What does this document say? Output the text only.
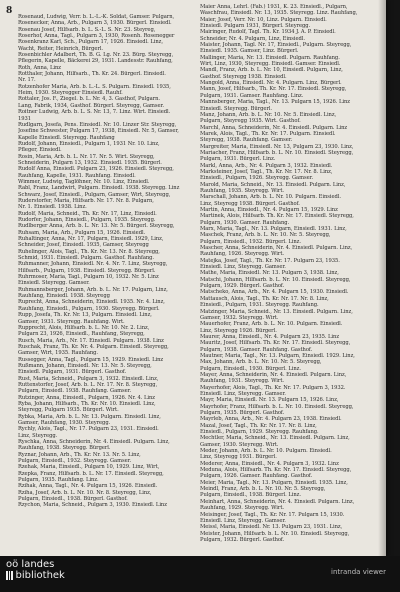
8
Rosenaud, Ludwig, Verr. b. L.-L.-K. Soldat, Gamser. Pulgarn,
Rosenecker, Anna, Arb., Pulgarn 3, 1930. Bürgerl. Einsiedl.
Rosenau Josef, Hilfsarb. b. L. S.-L. S. Nr. 23. Steyreg,
Roserhof, Anna, Tagl., Pulgarn 3, 1930, Rosenh. Rosenegger
Rosenkranz Karl, Sch., Pulgarn 17, 1926. Einsiedl. Linz,
Wacht, Reiter, Heinrich, Bürgerl.
Rosenbichler Adalbert, Th. B. G. Lg. Nr. 23. Bürg. Steyregg,
Pflegerin, Kapelle, Bäckerei 29, 1931. Landesstr. Rauhfang,
Roth, Anna, Linz
Rotthaler, Johann, Hilfsarb., Th. Kr. 24. Bürgerl. Einsiedl.
Nr. 17.
Rotzenhofer Maria, Arb. b. L.-L. S. Pulgarn. Einsiedl. 1935,
Heim, 1930. Steyregger Einsiedl. Rauhf.
Rottaler, Jos. F., Ziegel. b. L. Nr. 4, 3. Gasthof, Pulgarn.
Lang, Fabrik, 1934, Gasthof. Bürgerl. Steyregg, Gamser.
Roitner Ludwig, Arb. b. L. S. Nr. 13, 7. Linz. Wirt. Einsiedl.
1931
Rudlgarn, Josefa, Pens. Einsiedl. Nr. 10. Linzer Str. Steyregg,
Josefine Schwester, Pulgarn 17, 1938, Einsiedl. Nr. 5, Gamser,
Kapelle Einsiedl. Steyregg. Rauhfang
Rudolf, Johann, Einsiedl., Pulgarn 1, 1931 Nr. 10. Linz,
Pfleger, Einsiedl.
Rosin, Maria, Arb. b. L. Nr. 17. Nr. 5. Wirt. Steyregg,
Schneiderin, Pulgarn 13, 1932. Einsiedl. 1935. Bürgerl.
Rudolf Anna, Einsiedl. Pulgarn 23, 1926. Einsiedl. Steyregg,
Rauhfang, Kapelle, 1931. Rauhfang. Einsiedl.
Wimmer, Ludwig, Taglöhner, Nr. 10. Linz, Einsiedl.
Rabl, Franz, Landwirt, Pulgarn. Einsiedl. 1938. Steyregg. Linz
Schwarz, Josef, Einsiedl., Pulgarn, Gamser, Wirt, Steyregg,
Ruderstorfer, Maria, Hilfsarb. Nr. 17. Nr. 8. Pulgarn,
Nr. 1. Einsiedl. 1938. Linz.
Rudolf, Maria, Schneid., Th. Kr. Nr. 17, Linz, Einsiedl.
Rudorfer, Johann, Einsiedl., Pulgarn, 1935. Steyregg.
Rudlberger Anna, Arb. b. L. Nr. 13. Nr. 5. Bürgerl. Steyregg,
Ruhsam, Maria, Arb., Pulgarn 15, 1926. Einsiedl.
Ruhaltinger, Anna, Nr. 17, Pulgarn, Einsiedl. 1929, Linz,
Schneider, Josef, Einsiedl. 1935, Gamser, Steyregg
Ruhelinger, Alois, Tagl., Th. Kr. Nr. 13. Nr. 8. Steyregg,
Schmid, 1931. Einsiedl. Pulgarn. Gasthof. Rauhfang.
Ruhmanner, Johann, Einsiedl. Nr. 4. Nr. 7. Linz, Steyregg,
Hilfsarb., Pulgarn, 1938. Einsiedl. Steyregg. Bürgerl.
Ruhrmoser, Maria, Tagl., Pulgarn 10, 1932. Nr. 5. Linz
Einsiedl. Steyregg. Gamser.
Ruhmannsberger, Johann, Arb. b. L. Nr. 17. Pulgarn, Linz,
Rauhfang, Einsiedl. 1938. Steyregg
Ruprecht, Anna, Schneiderin, Einsiedl. 1935. Nr. 4. Linz,
Rauhfang, Einsiedl., Pulgarn, 1930. Steyregg. Bürgerl.
Rupp, Josefa, Th. Kr. Nr. 13, Pulgarn. Einsiedl. Linz,
Gamser, 1931. Steyregg. Rauhfang. Wirt.
Rupprecht, Alois, Hilfsarb. b. L. Nr. 10. Nr. 2. Linz,
Pulgarn 23, 1926, Einsiedl., Rauhfang, Steyregg,
Rusch, Maria, Arb., Nr. 17. Einsiedl. Pulgarn. 1938. Linz
Ruschak, Franz, Th. Kr. Nr. 4. Pulgarn. Einsiedl. Steyregg,
Gamser, Wirt, 1935. Rauhfang.
Russegger, Anna, Tagl., Pulgarn 15, 1929. Einsiedl. Linz
Rußmann, Johann, Einsiedl. Nr. 13. Nr. 5. Steyregg,
Einsiedl. Pulgarn, 1931. Bürgerl. Gasthof.
Rust, Maria, Schneid., Pulgarn 3, 1932. Einsiedl. Linz,
Ruttenstorfer, Josef, Arb. b. L. Nr. 17. Nr. 8. Steyregg,
Pulgarn, Einsiedl. 1938. Rauhfang. Gamser.
Rutzinger, Anna, Einsiedl., Pulgarn, 1926. Nr. 4. Linz
Ryba, Johann, Hilfsarb., Th. Kr. Nr. 10. Einsiedl. Linz,
Steyregg, Pulgarn 1935. Bürgerl. Wirt.
Rybka, Maria, Arb. b. L. Nr. 13. Pulgarn. Einsiedl. Linz,
Gamser, Rauhfang, 1930. Steyregg.
Rychly, Alois, Tagl., Nr. 17. Pulgarn 23, 1931. Einsiedl.
Linz, Steyregg.
Ryschka, Anna, Schneiderin, Nr. 4. Einsiedl. Pulgarn. Linz,
Rauhfang, 1938. Steyregg. Bürgerl.
Ryznar, Johann, Arb., Th. Kr. Nr. 13. Nr. 5. Linz,
Pulgarn, Einsiedl., 1932. Steyregg. Gamser.
Rzehak, Maria, Einsiedl., Pulgarn 10, 1929. Linz, Wirt,
Rzepka, Franz, Hilfsarb. b. L. Nr. 17. Einsiedl. Steyregg,
Pulgarn, 1935. Rauhfang. Linz.
Rzihak, Anna, Tagl., Nr. 4. Pulgarn 15, 1926. Einsiedl.
Rziha, Josef, Arb. b. L. Nr. 10. Nr. 8. Steyregg, Linz,
Pulgarn, Einsiedl., 1938. Bürgerl. Gasthof.
Rzychon, Maria, Schneid., Pulgarn 3, 1930. Einsiedl. Linz
Maier Anna, Lehrl. (Fab.) 1931, K. 23. Einsiedl., Pulgarn,
Waschfrau, Einsiedl. Nr. 13, 1935. Steyregg. Linz. Rauhfang,
Maier, Josef, Verr. Nr. 10, Linz. Pulgarn. Einsiedl.
Einsiedl. Pulgarn 1931, Bürgerl. Steyregg.
Mairinger, Rudolf, Tagl. Th. Kr. 1934 J. A. P. Einsiedl.
Schneider, Nr. 4. Pulgarn, Linz, Einsiedl.
Maister, Johann, Tagl. Nr. 17, Einsiedl., Pulgarn. Steyregg,
Einsiedl. 1935. Gamser, Linz. Bürgerl.
Mallinger, Maria, Nr. 13. Einsiedl. Pulgarn. Rauhfang.
Wirt, Linz, 1930, Steyregg. Einsiedl. Gamser. Einsiedl.
Mandl, Franz, Arb. b. L. Nr. 10, Einsiedl. Pulgarn, Linz,
Gasthof. Steyregg 1938. Einsiedl.
Mangold, Anna, Einsiedl. Nr. 4. Pulgarn. Linz, Bürgerl.
Mann, Josef, Hilfsarb., Th. Kr. Nr. 17. Einsiedl. Steyregg,
Pulgarn, 1931. Gamser. Rauhfang. Linz.
Mannsberger, Maria, Tagl., Nr. 13. Pulgarn 15, 1926. Linz
Einsiedl. Steyregg. Bürgerl.
Manz, Johann, Arb. b. L. Nr. 10. Nr. 5. Einsiedl. Linz,
Pulgarn, Steyregg 1935. Wirt. Gasthof.
Marchl, Anna, Schneiderin, Nr. 4. Einsiedl. Pulgarn. Linz
Marek, Alois, Tagl., Th. Kr. Nr. 17. Pulgarn. Einsiedl.
Steyregg, 1938. Rauhfang. Gamser.
Margreiter, Maria, Einsiedl. Nr. 13, Pulgarn 23, 1930. Linz,
Mariacher, Franz, Hilfsarb. b. L. Nr. 10. Einsiedl. Steyregg,
Pulgarn, 1931. Bürgerl. Linz.
Markl, Anna, Arb., Nr. 4. Pulgarn 3, 1932. Einsiedl.
Marksteiner, Josef, Tagl., Th. Kr. Nr. 17. Nr. 8. Linz,
Einsiedl., Pulgarn, 1926. Steyregg. Gamser.
Marold, Maria, Schneid., Nr. 13. Einsiedl. Pulgarn. Linz,
Rauhfang, 1935. Steyregg. Wirt.
Marschall, Johann, Arb. b. L. Nr. 10. Pulgarn. Einsiedl.
Linz, Steyregg 1938. Bürgerl. Gasthof.
Martin, Anna, Einsiedl., Nr. 4. Pulgarn 15, 1929. Linz
Martinek, Alois, Hilfsarb. Th. Kr. Nr. 17. Einsiedl. Steyregg,
Pulgarn, 1930. Gamser. Rauhfang.
Marx, Maria, Tagl., Nr. 13. Pulgarn, Einsiedl. 1931. Linz,
Maschek, Franz, Arb. b. L. Nr. 10. Nr. 5. Steyregg,
Pulgarn, Einsiedl., 1932. Bürgerl. Linz.
Mascher, Anna, Schneiderin, Nr. 4. Einsiedl. Pulgarn. Linz,
Rauhfang, 1926. Steyregg. Wirt.
Matejka, Josef, Tagl., Th. Kr. Nr. 17. Pulgarn 23, 1935.
Einsiedl. Linz, Steyregg. Gamser.
Mathe, Maria, Einsiedl. Nr. 13. Pulgarn 3, 1938. Linz,
Matschi, Johann, Hilfsarb. b. L. Nr. 10. Einsiedl. Steyregg,
Pulgarn, 1929. Bürgerl. Gasthof.
Matscheko, Anna, Arb., Nr. 4. Pulgarn 15, 1930. Einsiedl.
Mattausch, Alois, Tagl., Th. Kr. Nr. 17. Nr. 8. Linz,
Einsiedl., Pulgarn, 1931. Steyregg. Rauhfang.
Matzinger, Maria, Schneid., Nr. 13. Einsiedl. Pulgarn. Linz,
Gamser, 1932. Steyregg. Wirt.
Mauerhofer, Franz, Arb. b. L. Nr. 10. Pulgarn. Einsiedl.
Linz, Steyregg 1926. Bürgerl.
Maurer, Anna, Einsiedl., Nr. 4. Pulgarn 23, 1935. Linz
Mauritz, Josef, Hilfsarb. Th. Kr. Nr. 17. Einsiedl. Steyregg,
Pulgarn, 1938. Gamser. Rauhfang. Gasthof.
Mautner, Maria, Tagl., Nr. 13. Pulgarn, Einsiedl. 1929. Linz,
Max, Johann, Arb. b. L. Nr. 10. Nr. 5. Steyregg,
Pulgarn, Einsiedl., 1930. Bürgerl. Linz.
Mayer, Anna, Schneiderin, Nr. 4. Einsiedl. Pulgarn. Linz,
Rauhfang, 1931. Steyregg. Wirt.
Mayerhofer, Alois, Tagl., Th. Kr. Nr. 17. Pulgarn 3, 1932.
Einsiedl. Linz, Steyregg. Gamser.
Mayr, Maria, Einsiedl. Nr. 13. Pulgarn 15, 1926. Linz,
Mayrhofer, Franz, Hilfsarb. b. L. Nr. 10. Einsiedl. Steyregg,
Pulgarn, 1935. Bürgerl. Gasthof.
Mayrleb, Anna, Arb., Nr. 4. Pulgarn 23, 1938. Einsiedl.
Mazal, Josef, Tagl., Th. Kr. Nr. 17. Nr. 8. Linz,
Einsiedl., Pulgarn, 1929. Steyregg. Rauhfang.
Mechtler, Maria, Schneid., Nr. 13. Einsiedl. Pulgarn. Linz,
Gamser, 1930. Steyregg. Wirt.
Meder, Johann, Arb. b. L. Nr. 10. Pulgarn. Einsiedl.
Linz, Steyregg 1931. Bürgerl.
Mederer, Anna, Einsiedl., Nr. 4. Pulgarn 3, 1932. Linz
Meduna, Alois, Hilfsarb. Th. Kr. Nr. 17. Einsiedl. Steyregg,
Pulgarn, 1926. Gamser. Rauhfang. Gasthof.
Meier, Maria, Tagl., Nr. 13. Pulgarn, Einsiedl. 1935. Linz,
Meindl, Franz, Arb. b. L. Nr. 10. Nr. 5. Steyregg,
Pulgarn, Einsiedl., 1938. Bürgerl. Linz.
Meinhart, Anna, Schneiderin, Nr. 4. Einsiedl. Pulgarn. Linz,
Rauhfang, 1929. Steyregg. Wirt.
Meisinger, Josef, Tagl., Th. Kr. Nr. 17. Pulgarn 15, 1930.
Einsiedl. Linz, Steyregg. Gamser.
Meissl, Maria, Einsiedl. Nr. 13. Pulgarn 23, 1931. Linz,
Meister, Johann, Hilfsarb. b. L. Nr. 10. Einsiedl. Steyregg,
Pulgarn, 1932. Bürgerl. Gasthof.
oö landes
bibliothek	intranda viewer
